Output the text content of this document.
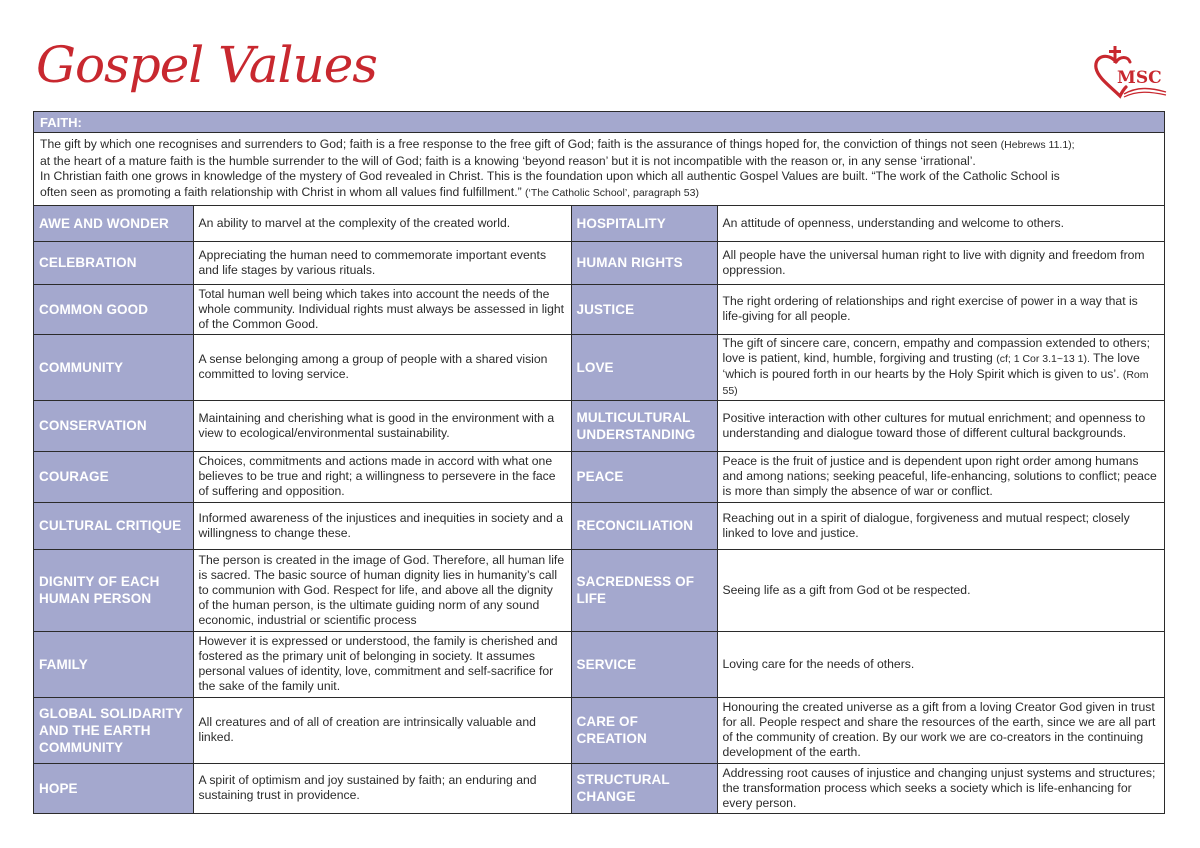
Gospel Values	MSC
FAITH:
The gift by which one recognises and surrenders to God; faith is a free response to the free gift of God; faith is the assurance of things hoped for, the conviction of things not seen (Hebrews 11.1);
at the heart of a mature faith is the humble surrender to the will of God; faith is a knowing ‘beyond reason’ but it is not incompatible with the reason or, in any sense ‘irrational’.
In Christian faith one grows in knowledge of the mystery of God revealed in Christ. This is the foundation upon which all authentic Gospel Values are built. “The work of the Catholic School is
often seen as promoting a faith relationship with Christ in whom all values find fulfillment.” (‘The Catholic School’, paragraph 53)
AWE AND WONDER	An ability to marvel at the complexity of the created world.	HOSPITALITY	An attitude of openness, understanding and welcome to others.
CELEBRATION	Appreciating the human need to commemorate important events and life stages by various rituals.	HUMAN RIGHTS	All people have the universal human right to live with dignity and freedom from oppression.
COMMON GOOD	Total human well being which takes into account the needs of the whole community. Individual rights must always be assessed in light of the Common Good.	JUSTICE	The right ordering of relationships and right exercise of power in a way that is life-giving for all people.
COMMUNITY	A sense belonging among a group of people with a shared vision committed to loving service.	LOVE	The gift of sincere care, concern, empathy and compassion extended to others; love is patient, kind, humble, forgiving and trusting (cf; 1 Cor 3.1~13 1). The love ‘which is poured forth in our hearts by the Holy Spirit which is given to us’. (Rom 55)
CONSERVATION	Maintaining and cherishing what is good in the environment with a view to ecological/environmental sustainability.	MULTICULTURAL UNDERSTANDING	Positive interaction with other cultures for mutual enrichment; and openness to understanding and dialogue toward those of different cultural backgrounds.
COURAGE	Choices, commitments and actions made in accord with what one believes to be true and right; a willingness to persevere in the face of suffering and opposition.	PEACE	Peace is the fruit of justice and is dependent upon right order among humans and among nations; seeking peaceful, life-enhancing, solutions to conflict; peace is more than simply the absence of war or conflict.
CULTURAL CRITIQUE	Informed awareness of the injustices and inequities in society and a willingness to change these.	RECONCILIATION	Reaching out in a spirit of dialogue, forgiveness and mutual respect; closely linked to love and justice.
DIGNITY OF EACH HUMAN PERSON	The person is created in the image of God. Therefore, all human life is sacred. The basic source of human dignity lies in humanity’s call to communion with God. Respect for life, and above all the dignity of the human person, is the ultimate guiding norm of any sound economic, industrial or scientific process	SACREDNESS OF LIFE	Seeing life as a gift from God ot be respected.
FAMILY	However it is expressed or understood, the family is cherished and fostered as the primary unit of belonging in society. It assumes personal values of identity, love, commitment and self-sacrifice for the sake of the family unit.	SERVICE	Loving care for the needs of others.
GLOBAL SOLIDARITY AND THE EARTH COMMUNITY	All creatures and of all of creation are intrinsically valuable and linked.	CARE OF CREATION	Honouring the created universe as a gift from a loving Creator God given in trust for all. People respect and share the resources of the earth, since we are all part of the community of creation. By our work we are co-creators in the continuing development of the earth.
HOPE	A spirit of optimism and joy sustained by faith; an enduring and sustaining trust in providence.	STRUCTURAL CHANGE	Addressing root causes of injustice and changing unjust systems and structures; the transformation process which seeks a society which is life-enhancing for every person.
